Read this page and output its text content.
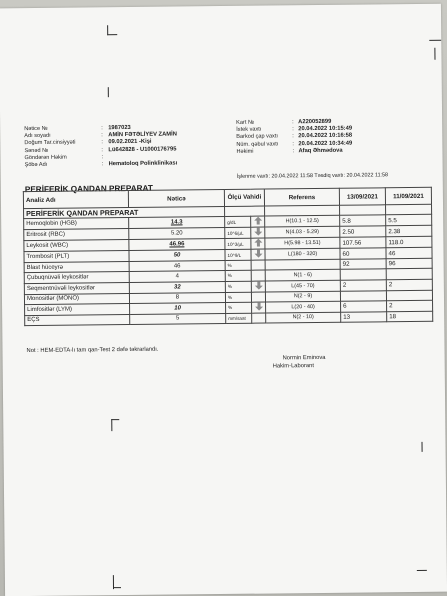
Nətice №	: 1987023
Adı soyadı	: AMİN FƏTƏLİYEV ZAMİN
Doğum Tar.cinsiyyəti	: 09.02.2021 -Kişi
Sənəd №	: Lü642828 - U1000176795
Göndərən Həkim	:
Şöbə Adı	: Hematoloq Polinklinikası
Kart №	: A220052899
İstek vaxtı	: 20.04.2022 10:15:49
Barkod çap vaxtı	: 20.04.2022 10:16:58
Nüm. qəbul vaxtı : 20.04.2022 10:34:49
Həkimi	: Afaq Əhmədova
PERİFERİK QANDAN PREPARAT
İşlenme vaxtı: 20.04.2022 11:58 Təsdiq vaxtı: 20.04.2022 11:58
Analiz Adı	Nəticə	Ölçü Vahidi		Referens	13/09/2021	11/09/2021
PERİFERİK QANDAN PREPARAT						
Hemoqlobin (HGB)	14.3	g/dL		H(10.1 - 12.5)	5.8	5.5
Eritrosit (RBC)	5.20	10^6/µL		N(4.03 - 5.29)	2.50	2.38
Leykosit (WBC)	46.96	10^3/µL		H(5.98 - 13.51)	107.56	118.0
Trombosit (PLT)	50	10^9/L		L(180 - 320)	60	46
Blast hüceyrə	46	%			92	96
Çubuqnüvəli leykositlər	4	%		N(1 - 6)		
Seqmentnüvəli leykositlər	32	%		L(45 - 70)	2	2
Monositlər (MONO)	8	%		N(2 - 9)		
Limfositlər (LYM)	10	%		L(20 - 40)	6	2
EÇS	5	mm/saat		N(2 - 10)	13	18
Not : HEM-EDTA-lı tam qan-Test 2 dəfə təkrarlandı.
Normin Eminova
Hakim-Laborant
